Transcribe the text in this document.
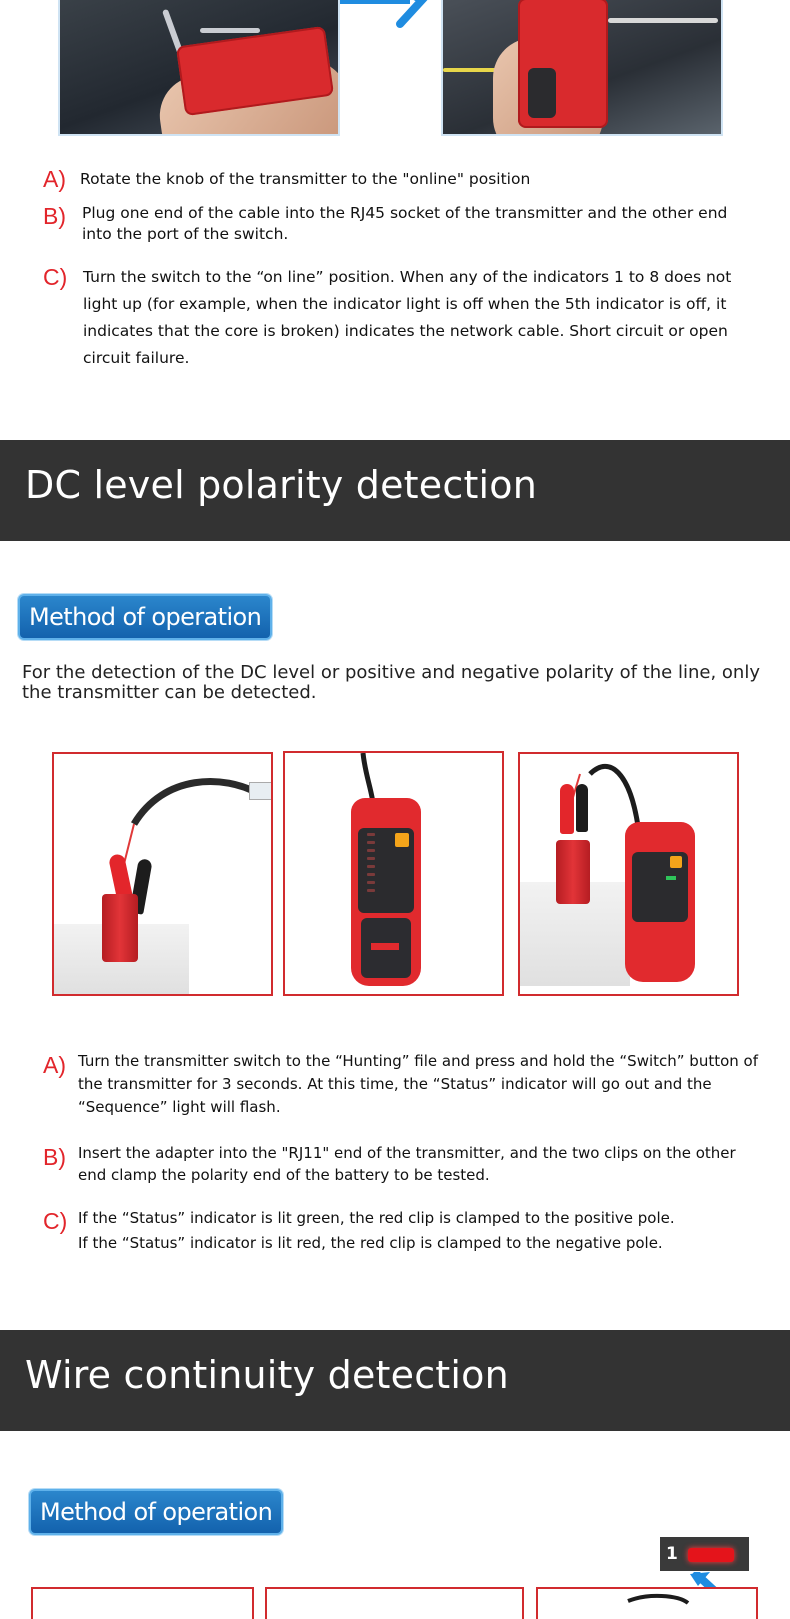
A) Rotate the knob of the transmitter to the "online" position
B) Plug one end of the cable into the RJ45 socket of the transmitter and the other end into the port of the switch.
C) Turn the switch to the “on line” position. When any of the indicators 1 to 8 does not light up (for example, when the indicator light is off when the 5th indicator is off, it indicates that the core is broken) indicates the network cable. Short circuit or open circuit failure.
DC level polarity detection
Method of operation

For the detection of the DC level or positive and negative polarity of the line, only the transmitter can be detected.

A) Turn the transmitter switch to the “Hunting” file and press and hold the “Switch” button of the transmitter for 3 seconds. At this time, the “Status” indicator will go out and the “Sequence” light will flash.
B) Insert the adapter into the "RJ11" end of the transmitter, and the two clips on the other end clamp the polarity end of the battery to be tested.
C) If the “Status” indicator is lit green, the red clip is clamped to the positive pole.
If the “Status” indicator is lit red, the red clip is clamped to the negative pole.
Wire continuity detection
Method of operation
1
